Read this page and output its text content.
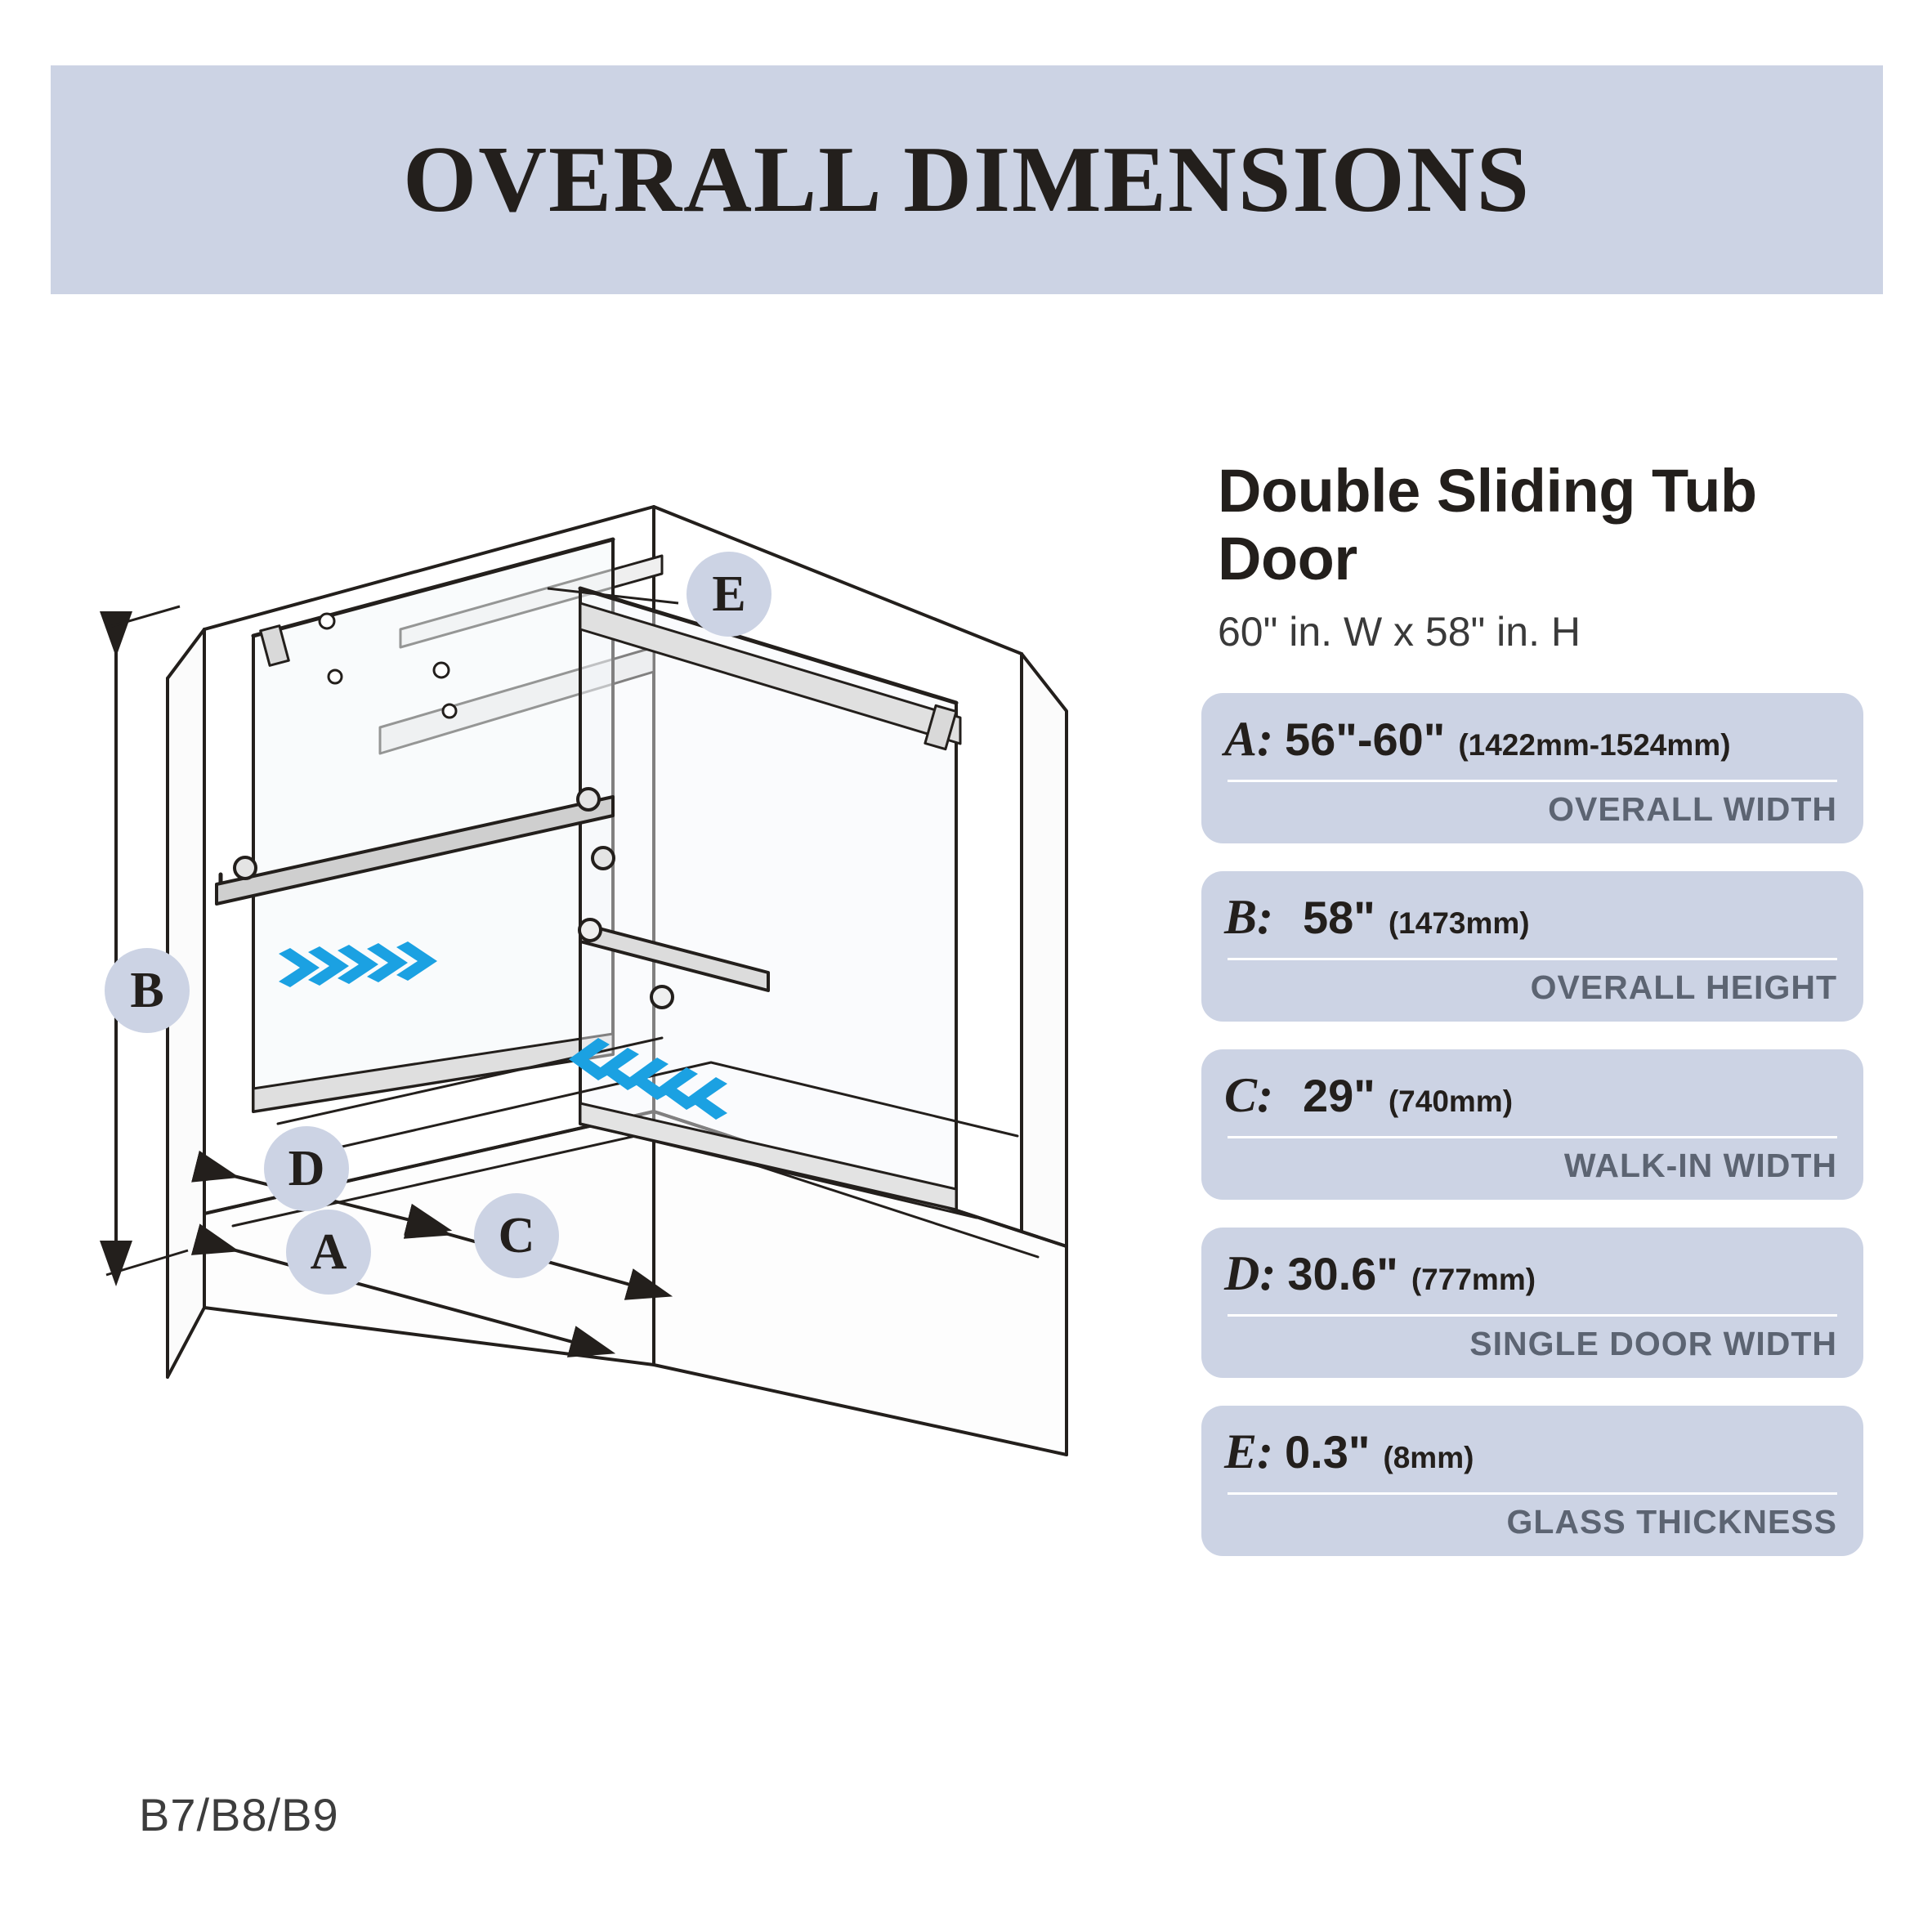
OVERALL DIMENSIONS
B
D
A	C
E
Double Sliding Tub Door
60" in. W x 58" in. H
A: 56"-60" (1422mm-1524mm)
OVERALL WIDTH
B: 58" (1473mm)
OVERALL HEIGHT
C: 29" (740mm)
WALK-IN WIDTH
D: 30.6" (777mm)
SINGLE DOOR WIDTH
E: 0.3" (8mm)
GLASS THICKNESS
B7/B8/B9
